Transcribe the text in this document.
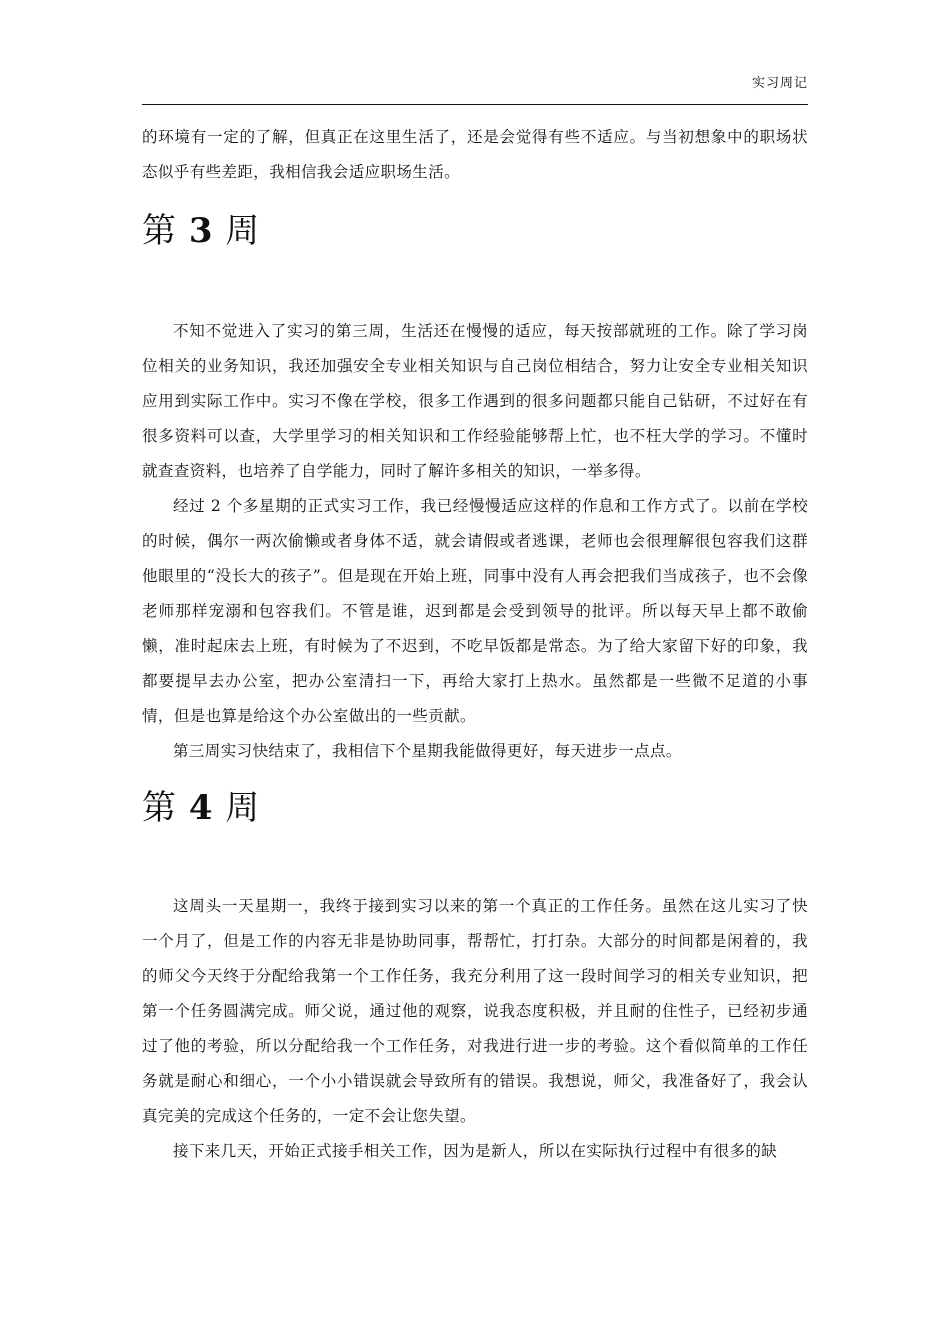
实习周记

的环境有一定的了解，但真正在这里生活了，还是会觉得有些不适应。与当初想象中的职场状态似乎有些差距，我相信我会适应职场生活。

第 3 周

不知不觉进入了实习的第三周，生活还在慢慢的适应，每天按部就班的工作。除了学习岗位相关的业务知识，我还加强安全专业相关知识与自己岗位相结合，努力让安全专业相关知识应用到实际工作中。实习不像在学校，很多工作遇到的很多问题都只能自己钻研，不过好在有很多资料可以查，大学里学习的相关知识和工作经验能够帮上忙，也不枉大学的学习。不懂时就查查资料，也培养了自学能力，同时了解许多相关的知识，一举多得。

经过 2 个多星期的正式实习工作，我已经慢慢适应这样的作息和工作方式了。以前在学校的时候，偶尔一两次偷懒或者身体不适，就会请假或者逃课，老师也会很理解很包容我们这群他眼里的“没长大的孩子”。但是现在开始上班，同事中没有人再会把我们当成孩子，也不会像老师那样宠溺和包容我们。不管是谁，迟到都是会受到领导的批评。所以每天早上都不敢偷懒，准时起床去上班，有时候为了不迟到，不吃早饭都是常态。为了给大家留下好的印象，我都要提早去办公室，把办公室清扫一下，再给大家打上热水。虽然都是一些微不足道的小事情，但是也算是给这个办公室做出的一些贡献。

第三周实习快结束了，我相信下个星期我能做得更好，每天进步一点点。

第 4 周

这周头一天星期一，我终于接到实习以来的第一个真正的工作任务。虽然在这儿实习了快一个月了，但是工作的内容无非是协助同事，帮帮忙，打打杂。大部分的时间都是闲着的，我的师父今天终于分配给我第一个工作任务，我充分利用了这一段时间学习的相关专业知识，把第一个任务圆满完成。师父说，通过他的观察，说我态度积极，并且耐的住性子，已经初步通过了他的考验，所以分配给我一个工作任务，对我进行进一步的考验。这个看似简单的工作任务就是耐心和细心，一个小小错误就会导致所有的错误。我想说，师父，我准备好了，我会认真完美的完成这个任务的，一定不会让您失望。

接下来几天，开始正式接手相关工作，因为是新人，所以在实际执行过程中有很多的缺
